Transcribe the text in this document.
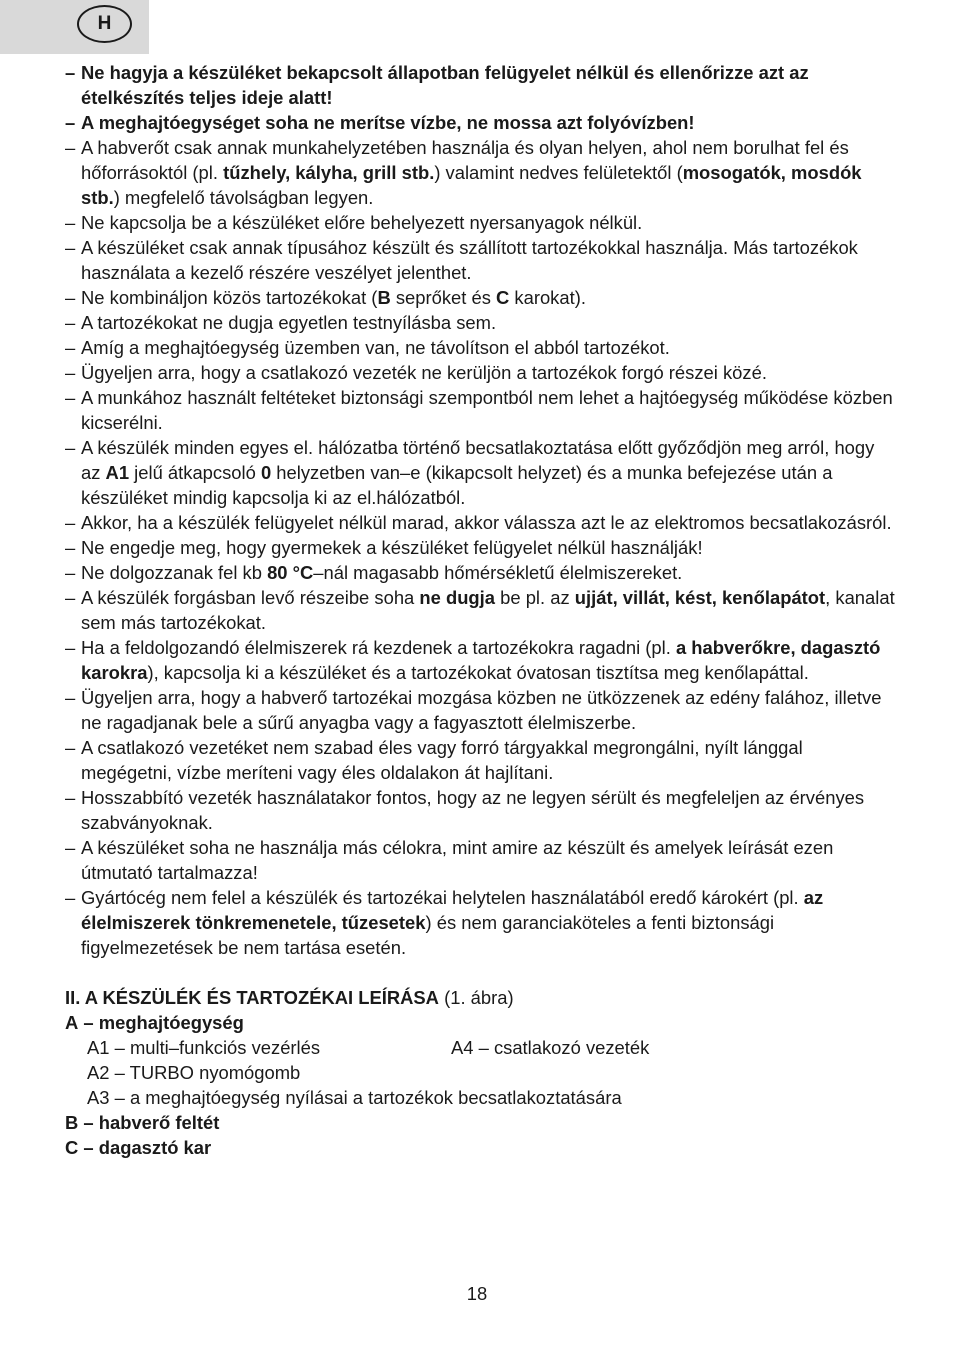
H
– Ne hagyja a készüléket bekapcsolt állapotban felügyelet nélkül és ellenőrizze azt az ételkészítés teljes ideje alatt!
– A meghajtóegységet soha ne merítse vízbe, ne mossa azt folyóvízben!
– A habverőt csak annak munkahelyzetében használja és olyan helyen, ahol nem borulhat fel és hőforrásoktól (pl. tűzhely, kályha, grill stb.) valamint nedves felületektől (mosogatók, mosdók stb.) megfelelő távolságban legyen.
– Ne kapcsolja be a készüléket előre behelyezett nyersanyagok nélkül.
– A készüléket csak annak típusához készült és szállított tartozékokkal használja. Más tartozékok használata a kezelő részére veszélyet jelenthet.
– Ne kombináljon közös tartozékokat (B seprőket és C karokat).
– A tartozékokat ne dugja egyetlen testnyílásba sem.
– Amíg a meghajtóegység üzemben van, ne távolítson el abból tartozékot.
– Ügyeljen arra, hogy a csatlakozó vezeték ne kerüljön a tartozékok forgó részei közé.
– A munkához használt feltéteket biztonsági szempontból nem lehet a hajtóegység működése közben kicserélni.
– A készülék minden egyes el. hálózatba történő becsatlakoztatása előtt győződjön meg arról, hogy az A1 jelű átkapcsoló 0 helyzetben van–e (kikapcsolt helyzet) és a munka befejezése után a készüléket mindig kapcsolja ki az el.hálózatból.
– Akkor, ha a készülék felügyelet nélkül marad, akkor válassza azt le az elektromos becsatlakozásról.
– Ne engedje meg, hogy gyermekek a készüléket felügyelet nélkül használják!
– Ne dolgozzanak fel kb 80 °C–nál magasabb hőmérsékletű élelmiszereket.
– A készülék forgásban levő részeibe soha ne dugja be pl. az ujját, villát, kést, kenőlapátot, kanalat sem más tartozékokat.
– Ha a feldolgozandó élelmiszerek rá kezdenek a tartozékokra ragadni (pl. a habverőkre, dagasztó karokra), kapcsolja ki a készüléket és a tartozékokat óvatosan tisztítsa meg kenőlapáttal.
– Ügyeljen arra, hogy a habverő tartozékai mozgása közben ne ütközzenek az edény falához, illetve ne ragadjanak bele a sűrű anyagba vagy a fagyasztott élelmiszerbe.
– A csatlakozó vezetéket nem szabad éles vagy forró tárgyakkal megrongálni, nyílt lánggal megégetni, vízbe meríteni vagy éles oldalakon át hajlítani.
– Hosszabbító vezeték használatakor fontos, hogy az ne legyen sérült és megfeleljen az érvényes szabványoknak.
– A készüléket soha ne használja más célokra, mint amire az készült és amelyek leírását ezen útmutató tartalmazza!
– Gyártócég nem felel a készülék és tartozékai helytelen használatából eredő károkért (pl. az élelmiszerek tönkremenetele, tűzesetek) és nem garanciaköteles a fenti biztonsági figyelmezetések be nem tartása esetén.
II. A KÉSZÜLÉK ÉS TARTOZÉKAI LEÍRÁSA (1. ábra)
A – meghajtóegység
A1 – multi–funkciós vezérlés	A4 – csatlakozó vezeték
A2 – TURBO nyomógomb
A3 – a meghajtóegység nyílásai a tartozékok becsatlakoztatására
B – habverő feltét
C – dagasztó kar
18
